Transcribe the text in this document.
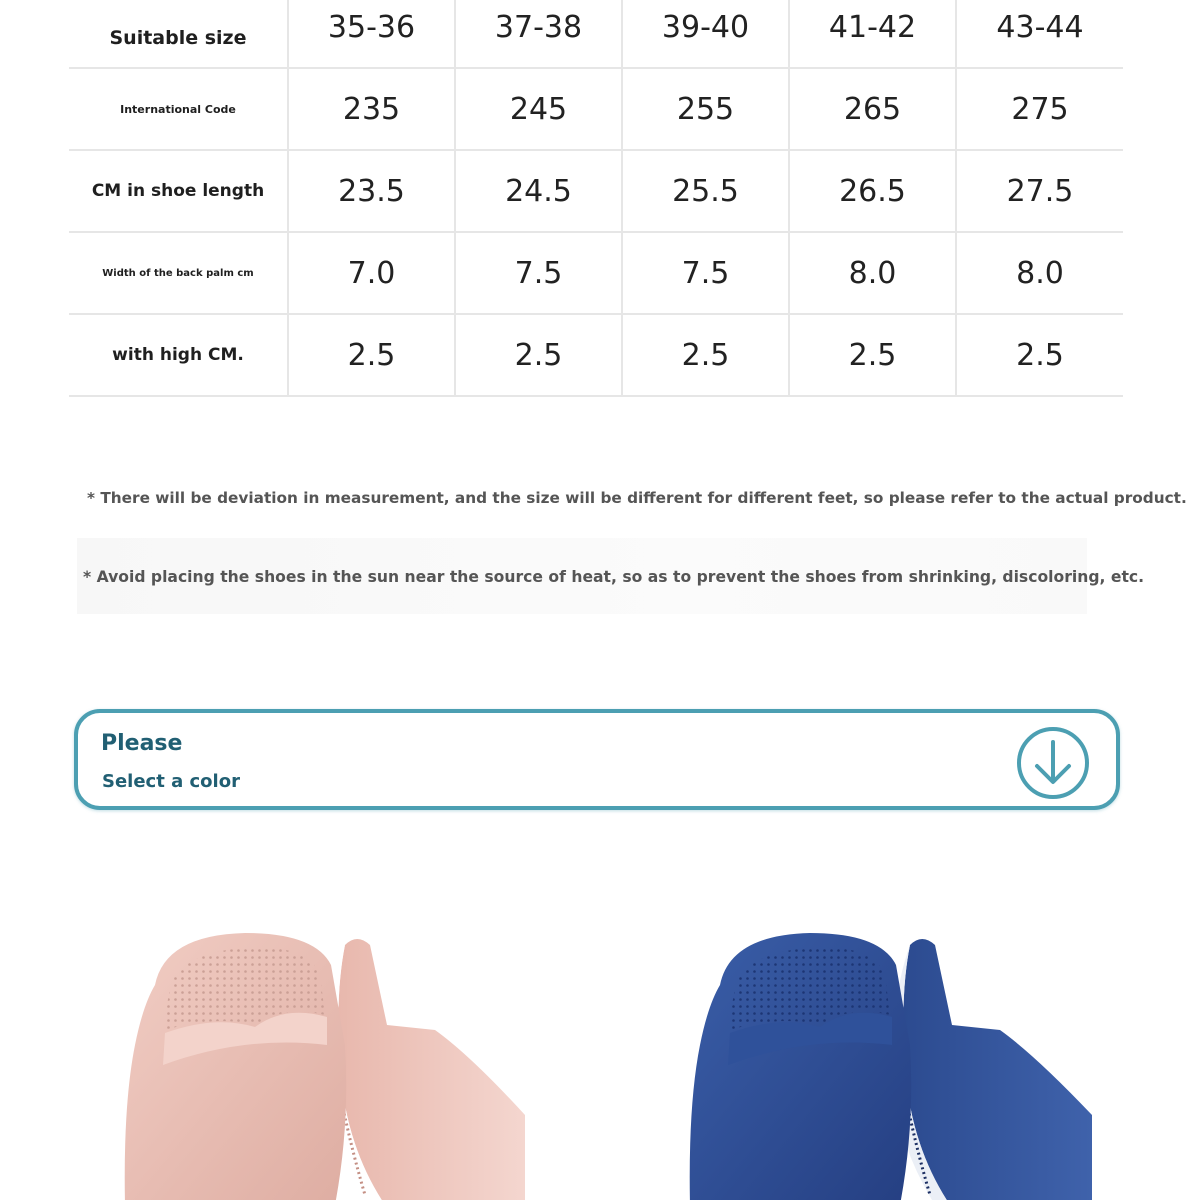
Suitable size	35-36	37-38	39-40	41-42	43-44
International Code	235	245	255	265	275
CM in shoe length	23.5	24.5	25.5	26.5	27.5
Width of the back palm cm	7.0	7.5	7.5	8.0	8.0
with high CM.	2.5	2.5	2.5	2.5	2.5
* There will be deviation in measurement, and the size will be different for different feet, so please refer to the actual product.
* Avoid placing the shoes in the sun near the source of heat, so as to prevent the shoes from shrinking, discoloring, etc.
Please
Select a color
